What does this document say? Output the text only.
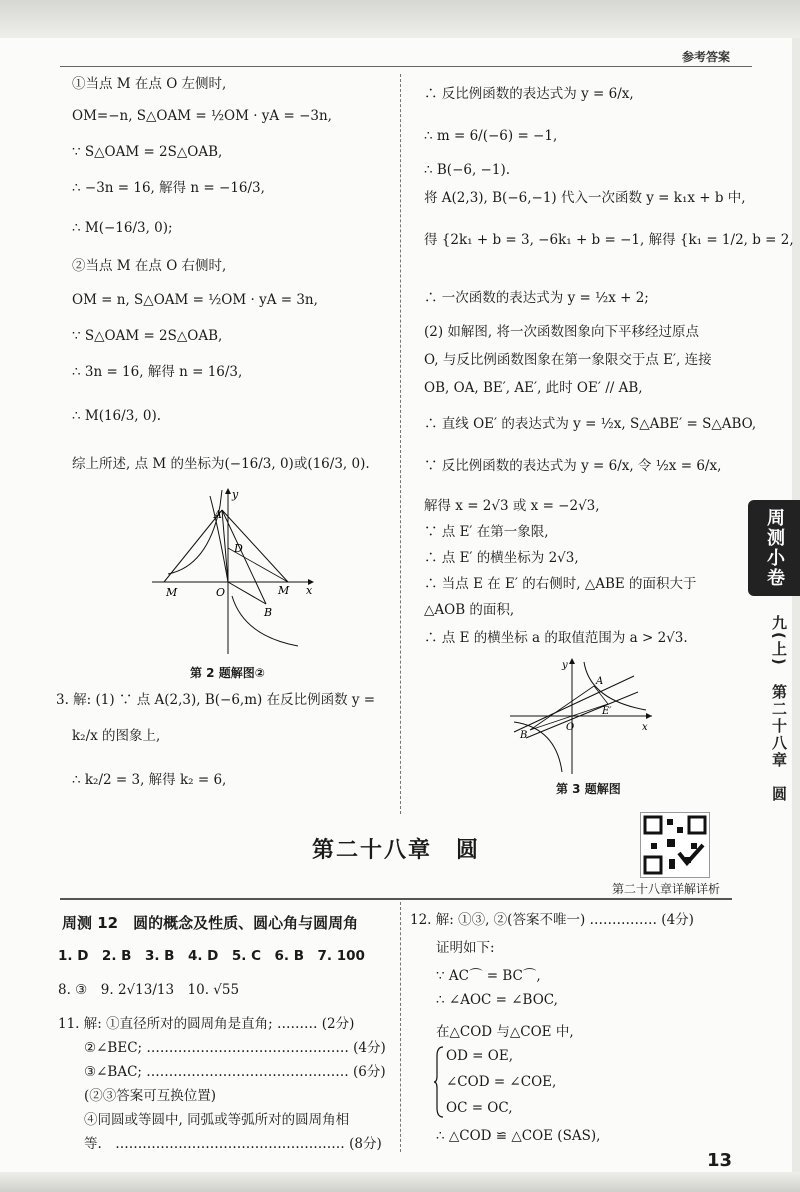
参考答案
①当点 M 在点 O 左侧时,
OM=−n, S△OAM = ½OM · yA = −3n,
∵ S△OAM = 2S△OAB,
∴ −3n = 16, 解得 n = −16/3,
∴ M(−16/3, 0);
②当点 M 在点 O 右侧时,
OM = n, S△OAM = ½OM · yA = 3n,
∵ S△OAM = 2S△OAB,
∴ 3n = 16, 解得 n = 16/3,
∴ M(16/3, 0).
综上所述, 点 M 的坐标为(−16/3, 0)或(16/3, 0).
y
x
A
D
M	O	M
B
第 2 题解图②
3. 解: (1) ∵ 点 A(2,3), B(−6,m) 在反比例函数 y =
k₂/x 的图象上,
∴ k₂/2 = 3, 解得 k₂ = 6,
∴ 反比例函数的表达式为 y = 6/x,
∴ m = 6/(−6) = −1,
∴ B(−6, −1).
将 A(2,3), B(−6,−1) 代入一次函数 y = k₁x + b 中,
得 {2k₁ + b = 3, −6k₁ + b = −1, 解得 {k₁ = 1/2, b = 2,
∴ 一次函数的表达式为 y = ½x + 2;
(2) 如解图, 将一次函数图象向下平移经过原点
O, 与反比例函数图象在第一象限交于点 E′, 连接
OB, OA, BE′, AE′, 此时 OE′ // AB,
∴ 直线 OE′ 的表达式为 y = ½x, S△ABE′ = S△ABO,
∵ 反比例函数的表达式为 y = 6/x, 令 ½x = 6/x,
解得 x = 2√3 或 x = −2√3,
∵ 点 E′ 在第一象限,
∴ 点 E′ 的横坐标为 2√3,
∴ 当点 E 在 E′ 的右侧时, △ABE 的面积大于
△AOB 的面积,
∴ 点 E 的横坐标 a 的取值范围为 a > 2√3.
y
x
A
E′
B
O
第 3 题解图
第二十八章　圆
第二十八章详解详析
周测 12　圆的概念及性质、圆心角与圆周角
1. D　2. B　3. B　4. D　5. C　6. B　7. 100
8. ③　9. 2√13/13　10. √55
11. 解: ①直径所对的圆周角是直角; ……… (2分)
②∠BEC; ……………………………………… (4分)
③∠BAC; ……………………………………… (6分)
(②③答案可互换位置)
④同圆或等圆中, 同弧或等弧所对的圆周角相
等.　…………………………………………… (8分)
12. 解: ①③, ②(答案不唯一) …………… (4分)
证明如下:
∵ AC⌒ = BC⌒,
∴ ∠AOC = ∠BOC,
在△COD 与△COE 中,
OD = OE,
∠COD = ∠COE,
OC = OC,
∴ △COD ≌ △COE (SAS),
13
周测小卷
九(上)　第二十八章　圆
